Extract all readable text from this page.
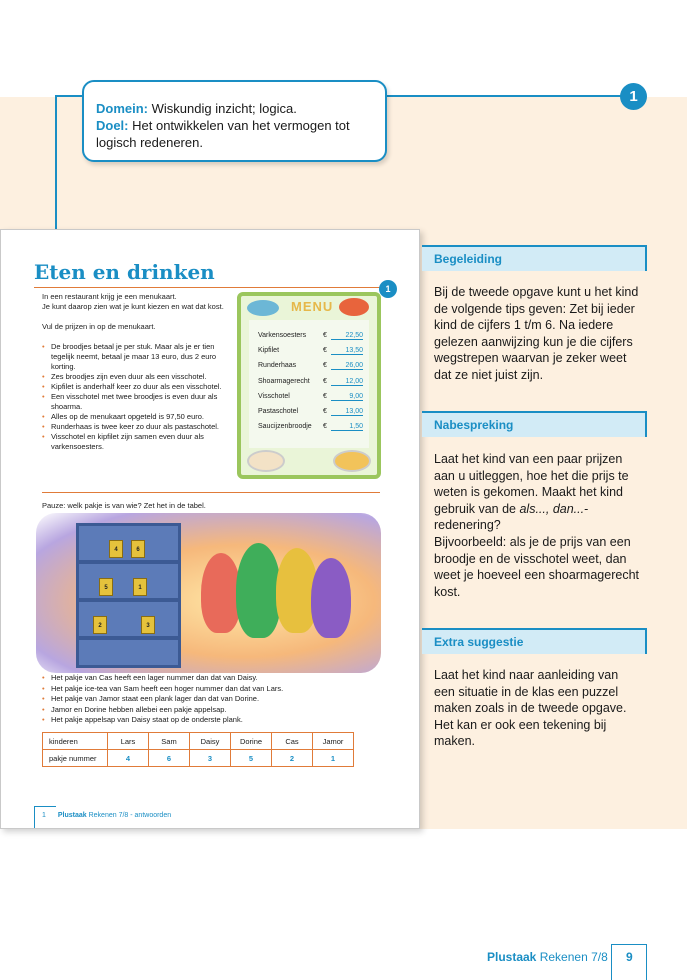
1
Domein: Wiskundig inzicht; logica.
Doel: Het ontwikkelen van het vermogen tot logisch redeneren.
Eten en drinken
1
In een restaurant krijg je een menukaart.
Je kunt daarop zien wat je kunt kiezen en wat dat kost.
Vul de prijzen in op de menukaart.
• De broodjes betaal je per stuk. Maar als je er tien tegelijk neemt, betaal je maar 13 euro, dus 2 euro korting.
• Zes broodjes zijn even duur als een visschotel.
• Kipfilet is anderhalf keer zo duur als een visschotel.
• Een visschotel met twee broodjes is even duur als shoarma.
• Alles op de menukaart opgeteld is 97,50 euro.
• Runderhaas is twee keer zo duur als pastaschotel.
• Visschotel en kipfilet zijn samen even duur als varkensoesters.
MENU
Pauze: welk pakje is van wie? Zet het in de tabel.
4	6
5	1
2	3
• Het pakje van Cas heeft een lager nummer dan dat van Daisy.
• Het pakje ice-tea van Sam heeft een hoger nummer dan dat van Lars.
• Het pakje van Jamor staat een plank lager dan dat van Dorine.
• Jamor en Dorine hebben allebei een pakje appelsap.
• Het pakje appelsap van Daisy staat op de onderste plank.
kinderen	Lars	Sam	Daisy	Dorine	Cas	Jamor
pakje nummer	4	6	3	5	2	1
1 Plustaak Rekenen 7/8 - antwoorden
Varkensoesters €	22,50
Kipfilet	€	13,50
Runderhaas	€	26,00
Shoarmagerecht €	12,00
Visschotel	€	9,00
Pastaschotel	€	13,00
Saucijzenbroodje €	1,50
Begeleiding
Bij de tweede opgave kunt u het kind de volgende tips geven: Zet bij ieder kind de cijfers 1 t/m 6. Na iedere gelezen aanwijzing kun je die cijfers wegstrepen waarvan je zeker weet dat ze niet juist zijn.
Nabespreking
Laat het kind van een paar prijzen aan u uitleggen, hoe het die prijs te weten is gekomen. Maakt het kind gebruik van de als..., dan...-redenering?
Bijvoorbeeld: als je de prijs van een broodje en de visschotel weet, dan weet je hoeveel een shoarmagerecht kost.
Extra suggestie
Laat het kind naar aanleiding van een situatie in de klas een puzzel maken zoals in de tweede opgave. Het kan er ook een tekening bij maken.
Plustaak Rekenen 7/8 9
